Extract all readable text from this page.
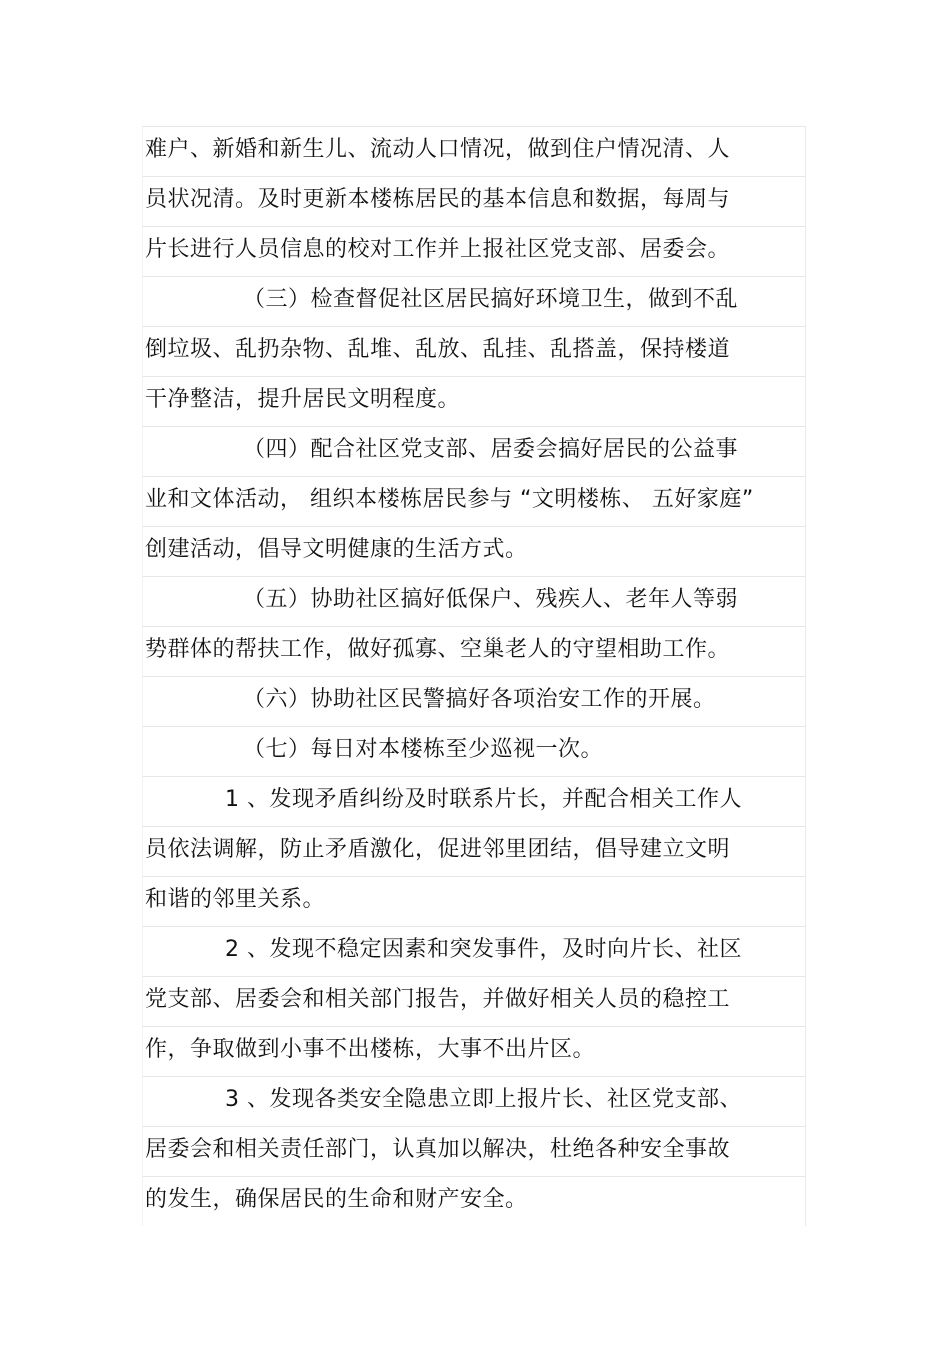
难户、新婚和新生儿、流动人口情况，做到住户情况清、人
员状况清。及时更新本楼栋居民的基本信息和数据，每周与
片长进行人员信息的校对工作并上报社区党支部、居委会。
（三）检查督促社区居民搞好环境卫生，做到不乱
倒垃圾、乱扔杂物、乱堆、乱放、乱挂、乱搭盖，保持楼道
干净整洁，提升居民文明程度。
（四）配合社区党支部、居委会搞好居民的公益事
业和文体活动， 组织本楼栋居民参与 “文明楼栋、 五好家庭”
创建活动，倡导文明健康的生活方式。
（五）协助社区搞好低保户、残疾人、老年人等弱
势群体的帮扶工作，做好孤寡、空巢老人的守望相助工作。
（六）协助社区民警搞好各项治安工作的开展。
（七）每日对本楼栋至少巡视一次。
1 、发现矛盾纠纷及时联系片长，并配合相关工作人
员依法调解，防止矛盾激化，促进邻里团结，倡导建立文明
和谐的邻里关系。
2 、发现不稳定因素和突发事件，及时向片长、社区
党支部、居委会和相关部门报告，并做好相关人员的稳控工
作，争取做到小事不出楼栋，大事不出片区。
3 、发现各类安全隐患立即上报片长、社区党支部、
居委会和相关责任部门，认真加以解决，杜绝各种安全事故
的发生，确保居民的生命和财产安全。
